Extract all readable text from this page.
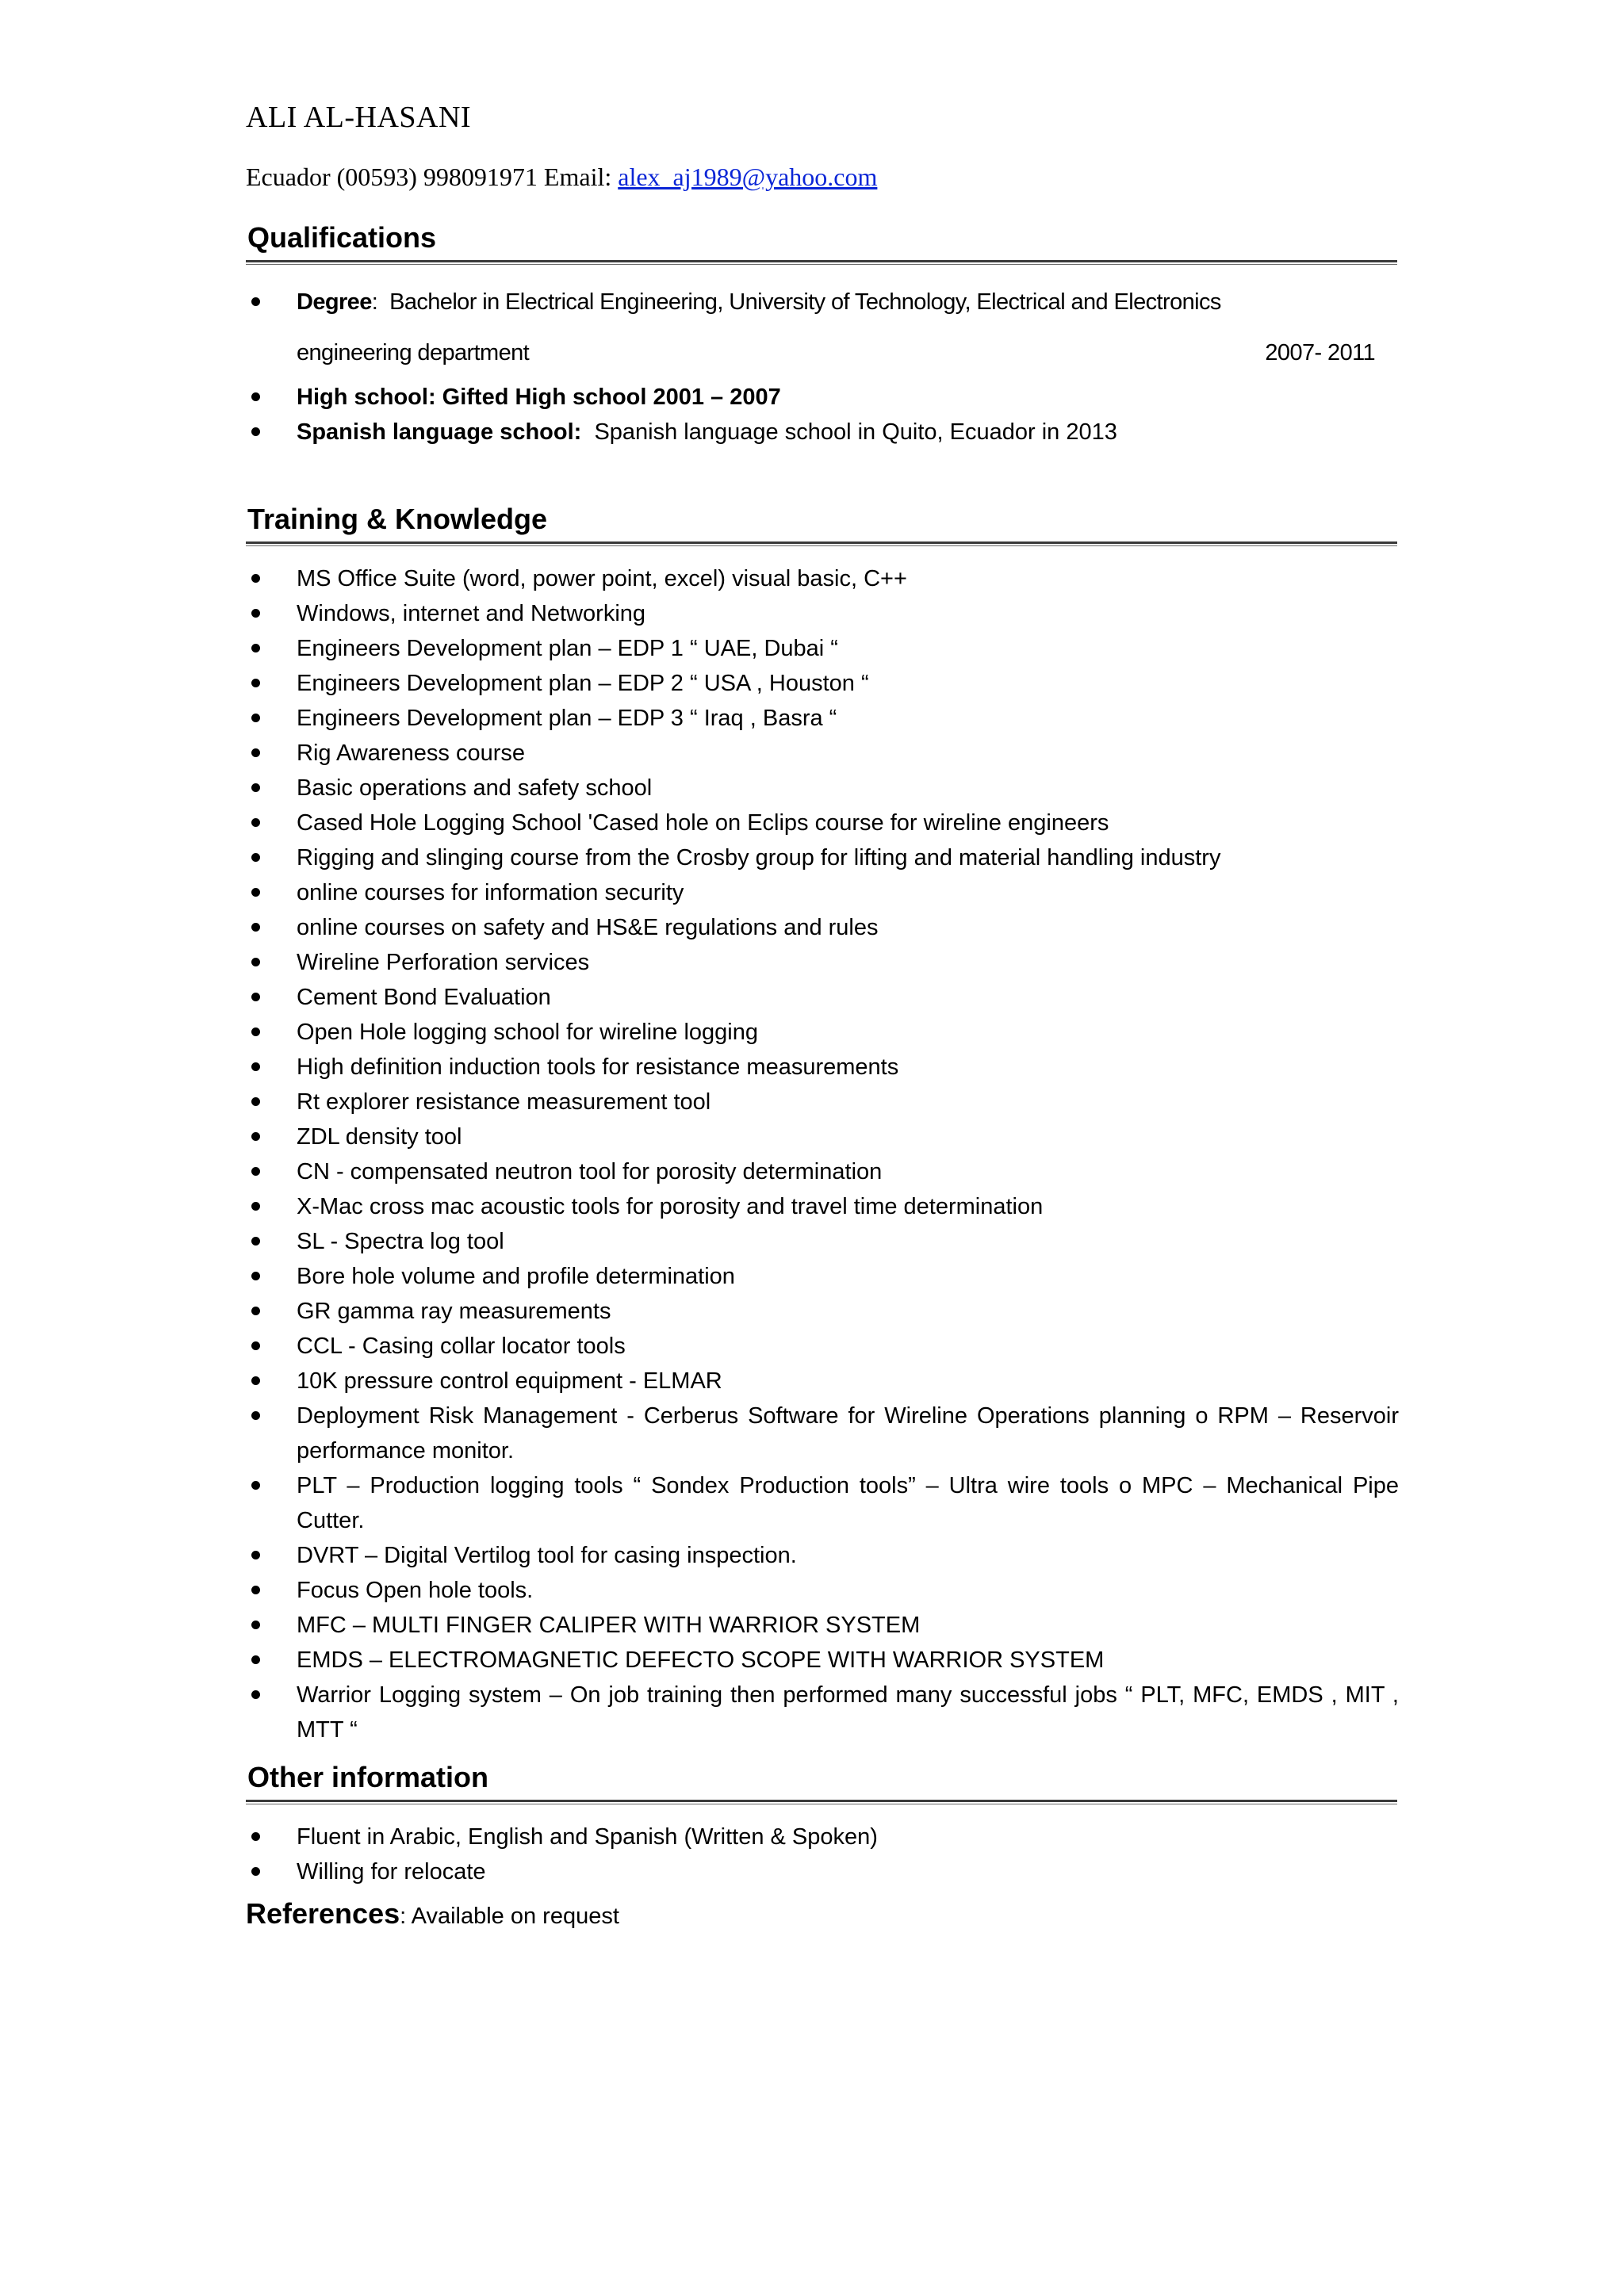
ALI AL-HASANI
Ecuador (00593) 998091971 Email: alex_aj1989@yahoo.com
Qualifications
Degree:  Bachelor in Electrical Engineering, University of Technology, Electrical and Electronics
engineering department	2007- 2011
High school: Gifted High school 2001 – 2007
Spanish language school: Spanish language school in Quito, Ecuador in 2013
Training & Knowledge
MS Office Suite (word, power point, excel) visual basic, C++
Windows, internet and Networking
Engineers Development plan – EDP 1 “ UAE, Dubai “
Engineers Development plan – EDP 2 “ USA , Houston “
Engineers Development plan – EDP 3 “ Iraq , Basra “
Rig Awareness course
Basic operations and safety school
Cased Hole Logging School 'Cased hole on Eclips course for wireline engineers
Rigging and slinging course from the Crosby group for lifting and material handling industry
online courses for information security
online courses on safety and HS&E regulations and rules
Wireline Perforation services
Cement Bond Evaluation
Open Hole logging school for wireline logging
High definition induction tools for resistance measurements
Rt explorer resistance measurement tool
ZDL density tool
CN - compensated neutron tool for porosity determination
X-Mac cross mac acoustic tools for porosity and travel time determination
SL - Spectra log tool
Bore hole volume and profile determination
GR gamma ray measurements
CCL - Casing collar locator tools
10K pressure control equipment - ELMAR
Deployment Risk Management - Cerberus Software for Wireline Operations planning o RPM – Reservoir performance monitor.
PLT – Production logging tools “ Sondex Production tools” – Ultra wire tools o MPC – Mechanical Pipe Cutter.
DVRT – Digital Vertilog tool for casing inspection.
Focus Open hole tools.
MFC – MULTI FINGER CALIPER WITH WARRIOR SYSTEM
EMDS – ELECTROMAGNETIC DEFECTO SCOPE WITH WARRIOR SYSTEM
Warrior Logging system – On job training then performed many successful jobs “ PLT, MFC, EMDS , MIT , MTT “
Other information
Fluent in Arabic, English and Spanish (Written & Spoken)
Willing for relocate
References: Available on request
